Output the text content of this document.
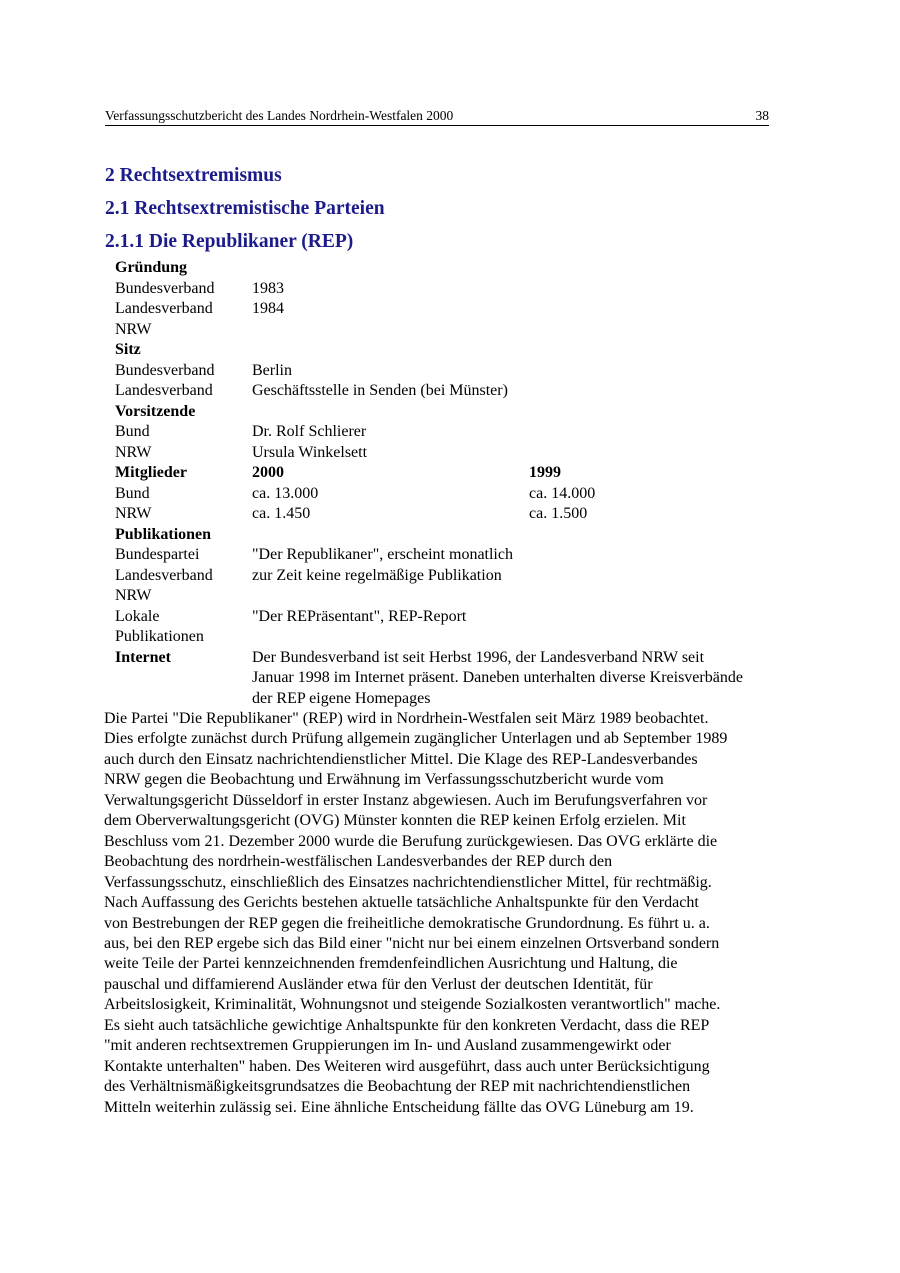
Verfassungsschutzbericht des Landes Nordrhein-Westfalen 2000	38
2 Rechtsextremismus
2.1 Rechtsextremistische Parteien
2.1.1 Die Republikaner (REP)
Gründung
Bundesverband	1983
Landesverband	1984
NRW
Sitz
Bundesverband	Berlin
Landesverband	Geschäftsstelle in Senden (bei Münster)
Vorsitzende
Bund	Dr. Rolf Schlierer
NRW	Ursula Winkelsett
Mitglieder	2000	1999
Bund	ca. 13.000	ca. 14.000
NRW	ca. 1.450	ca. 1.500
Publikationen
Bundespartei	"Der Republikaner", erscheint monatlich
Landesverband	zur Zeit keine regelmäßige Publikation
NRW
Lokale	"Der REPräsentant", REP-Report
Publikationen
Internet	Der Bundesverband ist seit Herbst 1996, der Landesverband NRW seit
Januar 1998 im Internet präsent. Daneben unterhalten diverse Kreisverbände
der REP eigene Homepages

Die Partei "Die Republikaner" (REP) wird in Nordrhein-Westfalen seit März 1989 beobachtet.
Dies erfolgte zunächst durch Prüfung allgemein zugänglicher Unterlagen und ab September 1989
auch durch den Einsatz nachrichtendienstlicher Mittel. Die Klage des REP-Landesverbandes
NRW gegen die Beobachtung und Erwähnung im Verfassungsschutzbericht wurde vom
Verwaltungsgericht Düsseldorf in erster Instanz abgewiesen. Auch im Berufungsverfahren vor
dem Oberverwaltungsgericht (OVG) Münster konnten die REP keinen Erfolg erzielen. Mit
Beschluss vom 21. Dezember 2000 wurde die Berufung zurückgewiesen. Das OVG erklärte die
Beobachtung des nordrhein-westfälischen Landesverbandes der REP durch den
Verfassungsschutz, einschließlich des Einsatzes nachrichtendienstlicher Mittel, für rechtmäßig.
Nach Auffassung des Gerichts bestehen aktuelle tatsächliche Anhaltspunkte für den Verdacht
von Bestrebungen der REP gegen die freiheitliche demokratische Grundordnung. Es führt u. a.
aus, bei den REP ergebe sich das Bild einer "nicht nur bei einem einzelnen Ortsverband sondern
weite Teile der Partei kennzeichnenden fremdenfeindlichen Ausrichtung und Haltung, die
pauschal und diffamierend Ausländer etwa für den Verlust der deutschen Identität, für
Arbeitslosigkeit, Kriminalität, Wohnungsnot und steigende Sozialkosten verantwortlich" mache.
Es sieht auch tatsächliche gewichtige Anhaltspunkte für den konkreten Verdacht, dass die REP
"mit anderen rechtsextremen Gruppierungen im In- und Ausland zusammengewirkt oder
Kontakte unterhalten" haben. Des Weiteren wird ausgeführt, dass auch unter Berücksichtigung
des Verhältnismäßigkeitsgrundsatzes die Beobachtung der REP mit nachrichtendienstlichen
Mitteln weiterhin zulässig sei. Eine ähnliche Entscheidung fällte das OVG Lüneburg am 19.
